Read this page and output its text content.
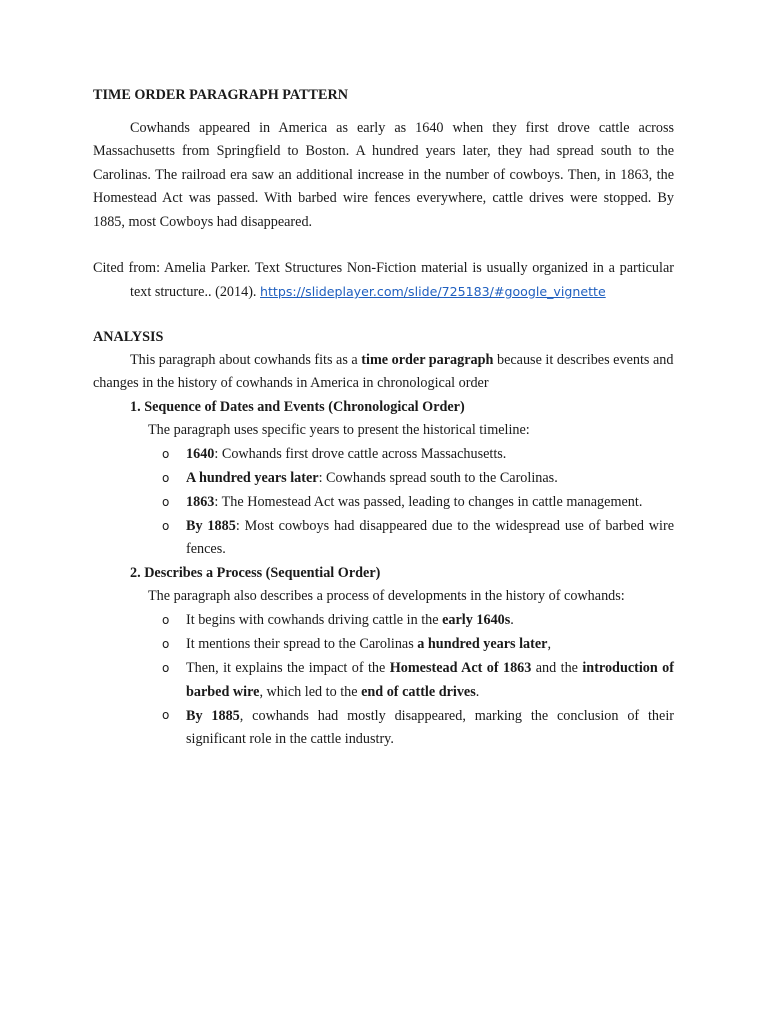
TIME ORDER PARAGRAPH PATTERN

Cowhands appeared in America as early as 1640 when they first drove cattle across Massachusetts from Springfield to Boston. A hundred years later, they had spread south to the Carolinas. The railroad era saw an additional increase in the number of cowboys. Then, in 1863, the Homestead Act was passed. With barbed wire fences everywhere, cattle drives were stopped. By 1885, most Cowboys had disappeared.

Cited from: Amelia Parker. Text Structures Non-Fiction material is usually organized in a particular text structure.. (2014). https://slideplayer.com/slide/725183/#google_vignette
ANALYSIS

This paragraph about cowhands fits as a time order paragraph because it describes events and changes in the history of cowhands in America in chronological order

1. Sequence of Dates and Events (Chronological Order)

The paragraph uses specific years to present the historical timeline:

o 1640: Cowhands first drove cattle across Massachusetts.
o A hundred years later: Cowhands spread south to the Carolinas.
o 1863: The Homestead Act was passed, leading to changes in cattle management.
o By 1885: Most cowboys had disappeared due to the widespread use of barbed wire fences.

2. Describes a Process (Sequential Order)

The paragraph also describes a process of developments in the history of cowhands:

o It begins with cowhands driving cattle in the early 1640s.
o It mentions their spread to the Carolinas a hundred years later,
o Then, it explains the impact of the Homestead Act of 1863 and the introduction of barbed wire, which led to the end of cattle drives.
o By 1885, cowhands had mostly disappeared, marking the conclusion of their significant role in the cattle industry.
